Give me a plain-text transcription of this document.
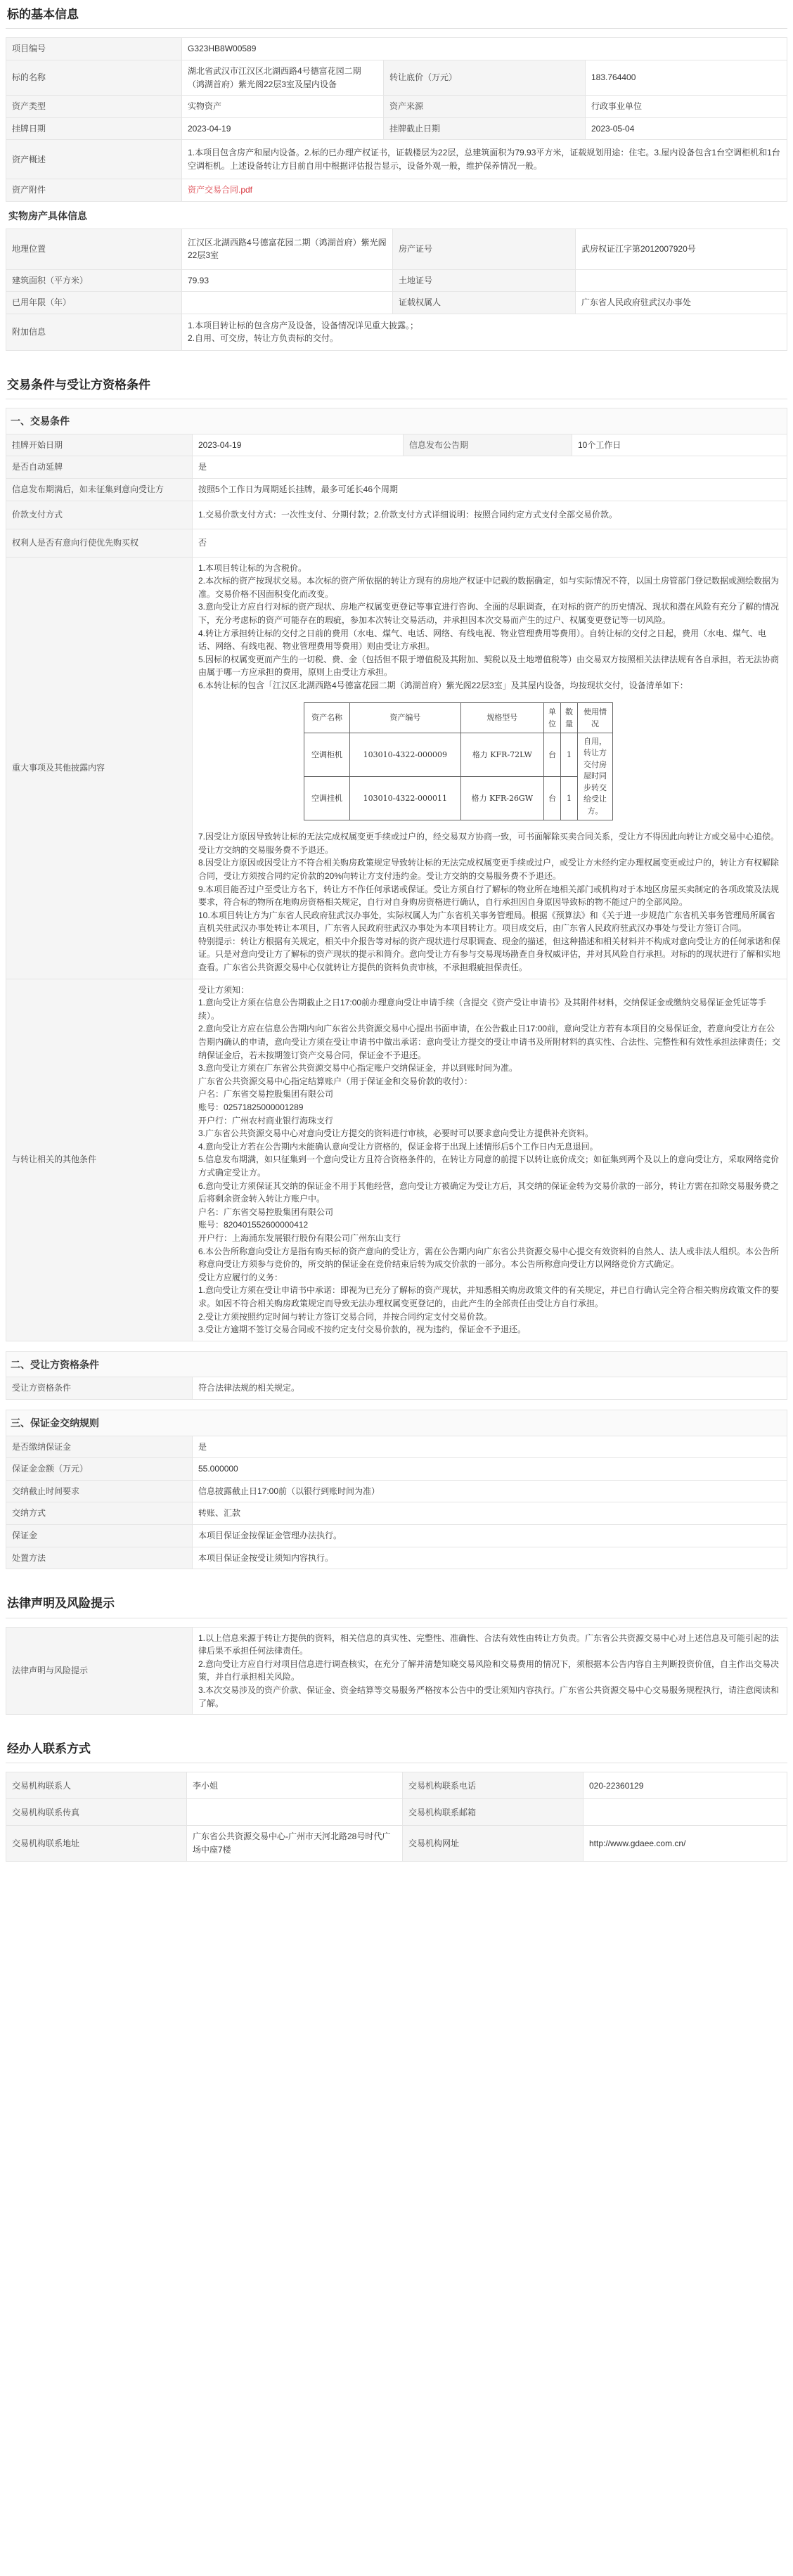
标的基本信息
项目编号	G323HB8W00589		
标的名称	湖北省武汉市江汉区北湖西路4号德富花园二期（鸿湖首府）紫光阁22层3室及屋内设备	转让底价（万元）	183.764400
资产类型	实物资产	资产来源	行政事业单位
挂牌日期	2023-04-19	挂牌截止日期	2023-05-04
资产概述	1.本项目包含房产和屋内设备。2.标的已办理产权证书，证载楼层为22层，总建筑面积为79.93平方米，证载规划用途：住宅。3.屋内设备包含1台空调柜机和1台空调柜机。上述设备转让方目前自用中根据评估报告显示，设备外观一般，维护保养情况一般。		
资产附件	资产交易合同.pdf		
实物房产具体信息
地理位置	江汉区北湖西路4号德富花园二期（鸿湖首府）紫光阁22层3室	房产证号	武房权证江字第2012007920号
建筑面积（平方米）	79.93	土地证号	
已用年限（年）		证载权属人	广东省人民政府驻武汉办事处
附加信息	1.本项目转让标的包含房产及设备，设备情况详见重大披露。；
2.自用、可交房，转让方负责标的交付。		
交易条件与受让方资格条件
一、交易条件
挂牌开始日期	2023-04-19	信息发布公告期	10个工作日
是否自动延牌	是
信息发布期满后，如未征集到意向受让方	按照5个工作日为周期延长挂牌，最多可延长46个周期
价款支付方式	1.交易价款支付方式：一次性支付、分期付款；2.价款支付方式详细说明：按照合同约定方式支付全部交易价款。
权利人是否有意向行使优先购买权	否
重大事项及其他披露内容	
1.本项目转让标的为含税价。
2.本次标的资产按现状交易。本次标的资产所依据的转让方现有的房地产权证中记载的数据确定，如与实际情况不符，以国土房管部门登记数据或测绘数据为准。交易价格不因面积变化而改变。
3.意向受让方应自行对标的资产现状、房地产权属变更登记等事宜进行咨询、全面的尽职调查，在对标的资产的历史情况、现状和潜在风险有充分了解的情况下，充分考虑标的资产可能存在的瑕疵，参加本次转让交易活动，并承担因本次交易而产生的过户、权属变更登记等一切风险。
4.转让方承担转让标的交付之日前的费用（水电、煤气、电话、网络、有线电视、物业管理费用等费用）。自转让标的交付之日起，费用（水电、煤气、电话、网络、有线电视、物业管理费用等费用）则由受让方承担。
5.因标的权属变更而产生的一切税、费、金（包括但不限于增值税及其附加、契税以及土地增值税等）由交易双方按照相关法律法规有各自承担，若无法协商由属于哪一方应承担的费用，原则上由受让方承担。
6.本转让标的包含「江汉区北湖西路4号德富花园二期（鸿湖首府）紫光阁22层3室」及其屋内设备，均按现状交付，设备清单如下：
资产名称	资产编号	规格型号	单位	数量	使用情况
空调柜机	103010-4322-000009	格力 KFR-72LW	台	1	自用，转让方交付房屋时同步转交给受让方。
空调挂机	103010-4322-000011	格力 KFR-26GW	台	1
7.因受让方原因导致转让标的无法完成权属变更手续或过户的，经交易双方协商一致，可书面解除买卖合同关系，受让方不得因此向转让方或交易中心追偿。受让方交纳的交易服务费不予退还。
8.因受让方原因或因受让方不符合相关购房政策规定导致转让标的无法完成权属变更手续或过户，或受让方未经约定办理权属变更或过户的，转让方有权解除合同，受让方须按合同约定价款的20%向转让方支付违约金。受让方交纳的交易服务费不予退还。
9.本项目能否过户至受让方名下，转让方不作任何承诺或保证。受让方须自行了解标的物业所在地相关部门或机构对于本地区房屋买卖制定的各项政策及法规要求，符合标的物所在地购房资格相关规定，自行对自身购房资格进行确认，自行承担因自身原因导致标的物不能过户的全部风险。
10.本项目转让方为广东省人民政府驻武汉办事处，实际权属人为广东省机关事务管理局。根据《预算法》和《关于进一步规范广东省机关事务管理局所属省直机关驻武汉办事处转让本项目，广东省人民政府驻武汉办事处为本项目转让方。项目成交后，由广东省人民政府驻武汉办事处与受让方签订合同。
特别提示：转让方根据有关规定，相关中介报告等对标的资产现状进行尽职调查、现金的描述，但这种描述和相关材料并不构成对意向受让方的任何承诺和保证。只是对意向受让方了解标的资产现状的提示和简介。意向受让方有参与交易现场勘查自身权威评估，并对其风险自行承担。对标的的现状进行了解和实地查看。广东省公共资源交易中心仅就转让方提供的资料负责审核，不承担瑕疵担保责任。

与转让相关的其他条件	受让方须知：
1.意向受让方须在信息公告期截止之日17:00前办理意向受让申请手续（含提交《资产受让申请书》及其附件材料，交纳保证金或缴纳交易保证金凭证等手续）。
2.意向受让方应在信息公告期内向广东省公共资源交易中心提出书面申请，在公告截止日17:00前，意向受让方若有本项目的交易保证金，若意向受让方在公告期内确认的申请，意向受让方须在受让申请书中做出承诺：意向受让方提交的受让申请书及所附材料的真实性、合法性、完整性和有效性承担法律责任；交纳保证金后，若未按期签订资产交易合同，保证金不予退还。
3.意向受让方须在广东省公共资源交易中心指定账户交纳保证金，并以到账时间为准。
广东省公共资源交易中心指定结算账户（用于保证金和交易价款的收付）：
户名：广东省交易控股集团有限公司
账号：02571825000001289
开户行：广州农村商业银行海珠支行
3.广东省公共资源交易中心对意向受让方提交的资料进行审核，必要时可以要求意向受让方提供补充资料。
4.意向受让方若在公告期内未能确认意向受让方资格的，保证金将于出现上述情形后5个工作日内无息退回。
5.信息发布期满，如只征集到一个意向受让方且符合资格条件的，在转让方同意的前提下以转让底价成交；如征集到两个及以上的意向受让方，采取网络竞价方式确定受让方。
6.意向受让方须保证其交纳的保证金不用于其他经营，意向受让方被确定为受让方后，其交纳的保证金转为交易价款的一部分，转让方需在扣除交易服务费之后将剩余资金转入转让方账户中。
户名：广东省交易控股集团有限公司
账号：820401552600000412
开户行：上海浦东发展银行股份有限公司广州东山支行
6.本公告所称意向受让方是指有购买标的资产意向的受让方，需在公告期内向广东省公共资源交易中心提交有效资料的自然人、法人或非法人组织。本公告所称意向受让方须参与竞价的，所交纳的保证金在竞价结束后转为成交价款的一部分。本公告所称意向受让方以网络竞价方式确定。
受让方应履行的义务：
1.意向受让方须在受让申请书中承诺：即视为已充分了解标的资产现状，并知悉相关购房政策文件的有关规定，并已自行确认完全符合相关购房政策文件的要求。如因不符合相关购房政策规定而导致无法办理权属变更登记的，由此产生的全部责任由受让方自行承担。
2.受让方须按照约定时间与转让方签订交易合同，并按合同约定支付交易价款。
3.受让方逾期不签订交易合同或不按约定支付交易价款的，视为违约，保证金不予退还。
二、受让方资格条件
受让方资格条件	符合法律法规的相关规定。
三、保证金交纳规则
是否缴纳保证金	是
保证金金额（万元）	55.000000
交纳截止时间要求	信息披露截止日17:00前（以银行到账时间为准）
交纳方式	转账、汇款
保证金	本项目保证金按保证金管理办法执行。
处置方法	本项目保证金按受让须知内容执行。
法律声明及风险提示
法律声明与风险提示	1.以上信息来源于转让方提供的资料，相关信息的真实性、完整性、准确性、合法有效性由转让方负责。广东省公共资源交易中心对上述信息及可能引起的法律后果不承担任何法律责任。
2.意向受让方应自行对项目信息进行调查核实，在充分了解并清楚知晓交易风险和交易费用的情况下，须根据本公告内容自主判断投资价值，自主作出交易决策，并自行承担相关风险。
3.本次交易涉及的资产价款、保证金、资金结算等交易服务严格按本公告中的受让须知内容执行。广东省公共资源交易中心交易服务规程执行，请注意阅读和了解。
经办人联系方式
交易机构联系人	李小姐	交易机构联系电话	020-22360129
交易机构联系传真		交易机构联系邮箱	
交易机构联系地址	广东省公共资源交易中心-广州市天河北路28号时代广场中座7楼	交易机构网址	http://www.gdaee.com.cn/
